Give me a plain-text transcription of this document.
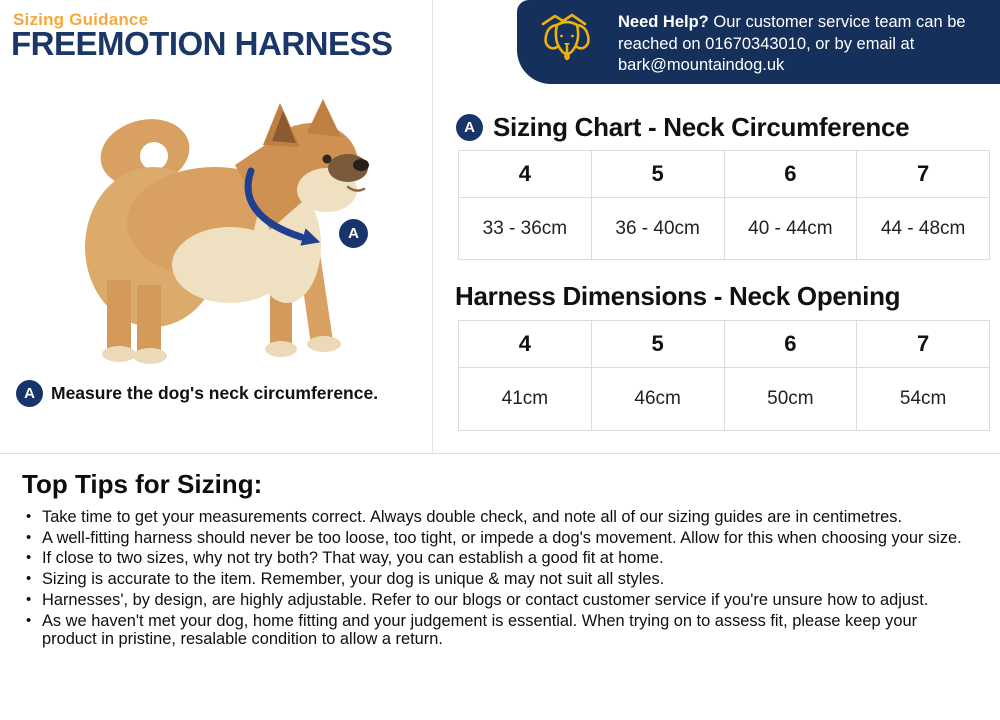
Sizing Guidance
FREEMOTION HARNESS

Need Help? Our customer service team can be reached on 01670343010, or by email at bark@mountaindog.uk

A
A Measure the dog's neck circumference.
A Sizing Chart - Neck Circumference
4	5	6	7
33 - 36cm	36 - 40cm	40 - 44cm	44 - 48cm
Harness Dimensions - Neck Opening
4	5	6	7
41cm	46cm	50cm	54cm
Top Tips for Sizing:
• Take time to get your measurements correct. Always double check, and note all of our sizing guides are in centimetres.
• A well-fitting harness should never be too loose, too tight, or impede a dog's movement. Allow for this when choosing your size.
• If close to two sizes, why not try both? That way, you can establish a good fit at home.
• Sizing is accurate to the item. Remember, your dog is unique & may not suit all styles.
• Harnesses', by design, are highly adjustable. Refer to our blogs or contact customer service if you're unsure how to adjust.
• As we haven't met your dog, home fitting and your judgement is essential. When trying on to assess fit, please keep your product in pristine, resalable condition to allow a return.
